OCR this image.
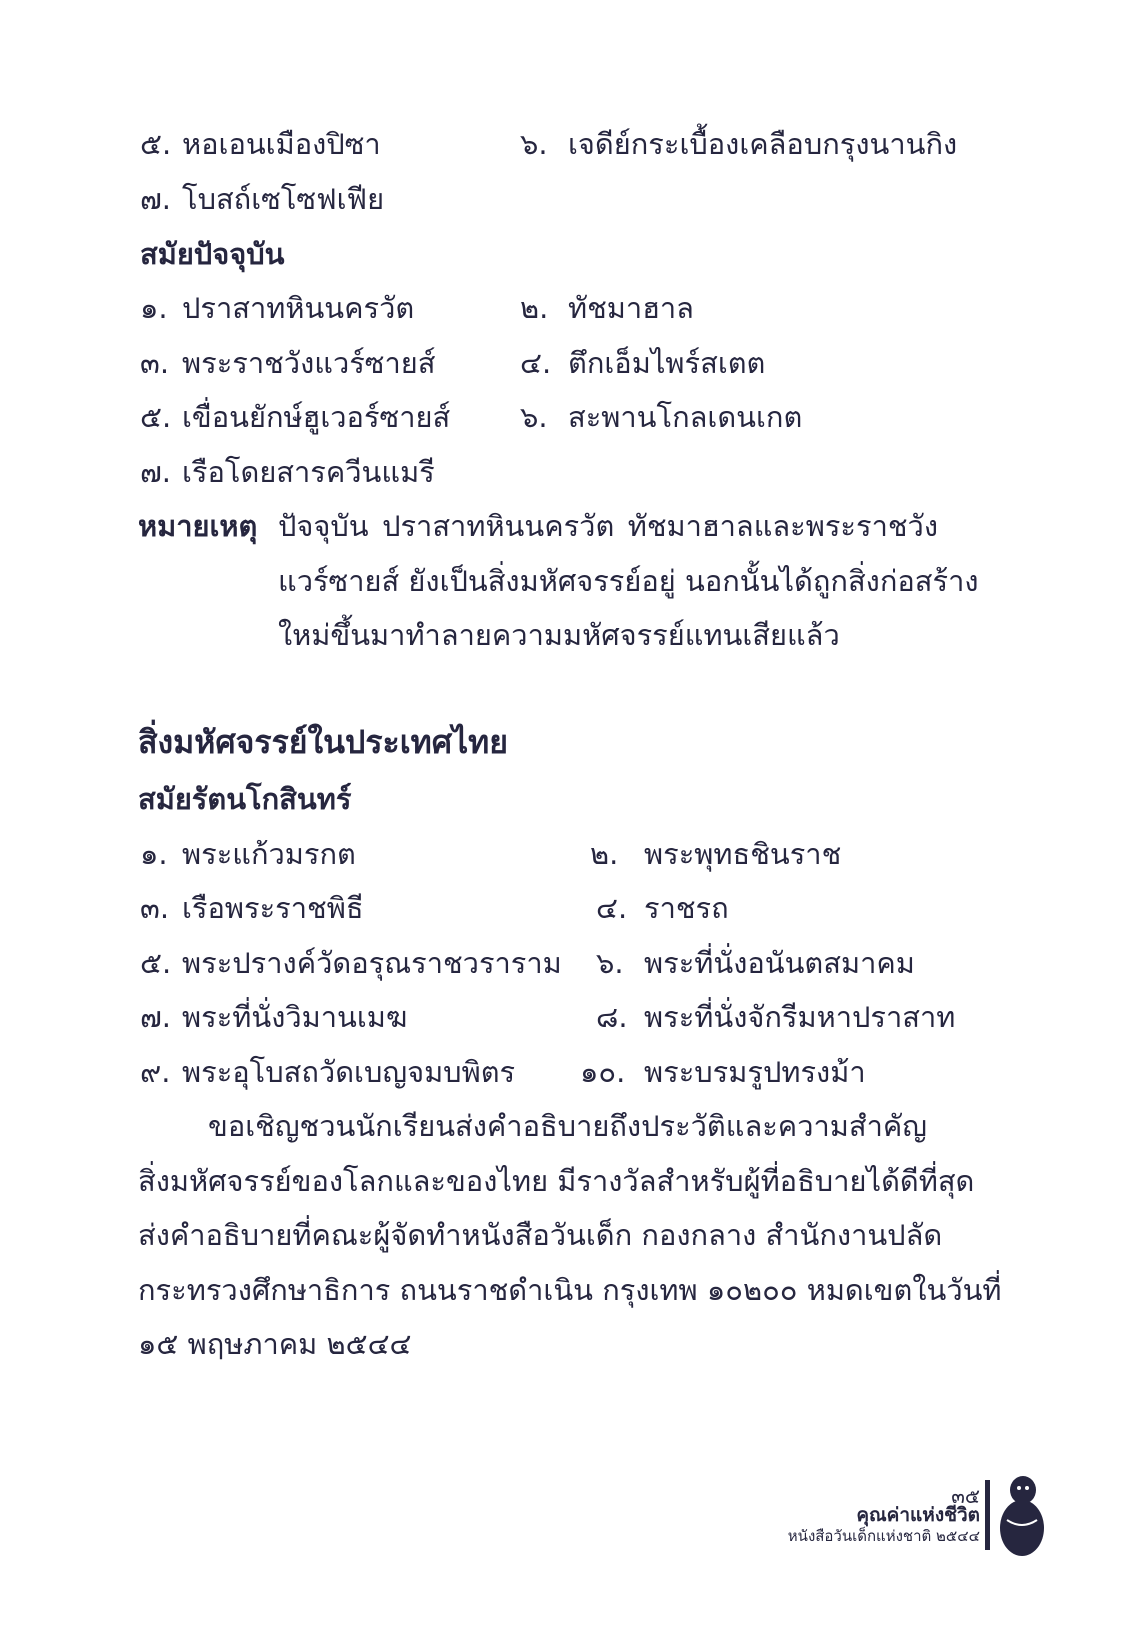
๕. หอเอนเมืองปิซา	๖. เจดีย์กระเบื้องเคลือบกรุงนานกิง
๗. โบสถ์เซโซฟเฟีย
สมัยปัจจุบัน
๑. ปราสาทหินนครวัต	๒. ทัชมาฮาล
๓. พระราชวังแวร์ซายส์	๔. ตึกเอ็มไพร์สเตต
๕. เขื่อนยักษ์ฮูเวอร์ซายส์ ๖. สะพานโกลเดนเกต
๗. เรือโดยสารควีนแมรี
หมายเหตุ ปัจจุบัน ปราสาทหินนครวัต ทัชมาฮาลและพระราชวัง
แวร์ซายส์ ยังเป็นสิ่งมหัศจรรย์อยู่ นอกนั้นได้ถูกสิ่งก่อสร้าง
ใหม่ขึ้นมาทำลายความมหัศจรรย์แทนเสียแล้ว
สิ่งมหัศจรรย์ในประเทศไทย
สมัยรัตนโกสินทร์
๑. พระแก้วมรกต	๒. พระพุทธชินราช
๓. เรือพระราชพิธี	๔. ราชรถ
๕. พระปรางค์วัดอรุณราชวราราม ๖. พระที่นั่งอนันตสมาคม
๗. พระที่นั่งวิมานเมฆ	๘. พระที่นั่งจักรีมหาปราสาท
๙. พระอุโบสถวัดเบญจมบพิตร ๑๐. พระบรมรูปทรงม้า
ขอเชิญชวนนักเรียนส่งคำอธิบายถึงประวัติและความสำคัญ
สิ่งมหัศจรรย์ของโลกและของไทย มีรางวัลสำหรับผู้ที่อธิบายได้ดีที่สุด
ส่งคำอธิบายที่คณะผู้จัดทำหนังสือวันเด็ก กองกลาง สำนักงานปลัด
กระทรวงศึกษาธิการ ถนนราชดำเนิน กรุงเทพ ๑๐๒๐๐ หมดเขตในวันที่
๑๕ พฤษภาคม ๒๕๔๔
๓๕
คุณค่าแห่งชีวิต
หนังสือวันเด็กแห่งชาติ ๒๕๔๔
